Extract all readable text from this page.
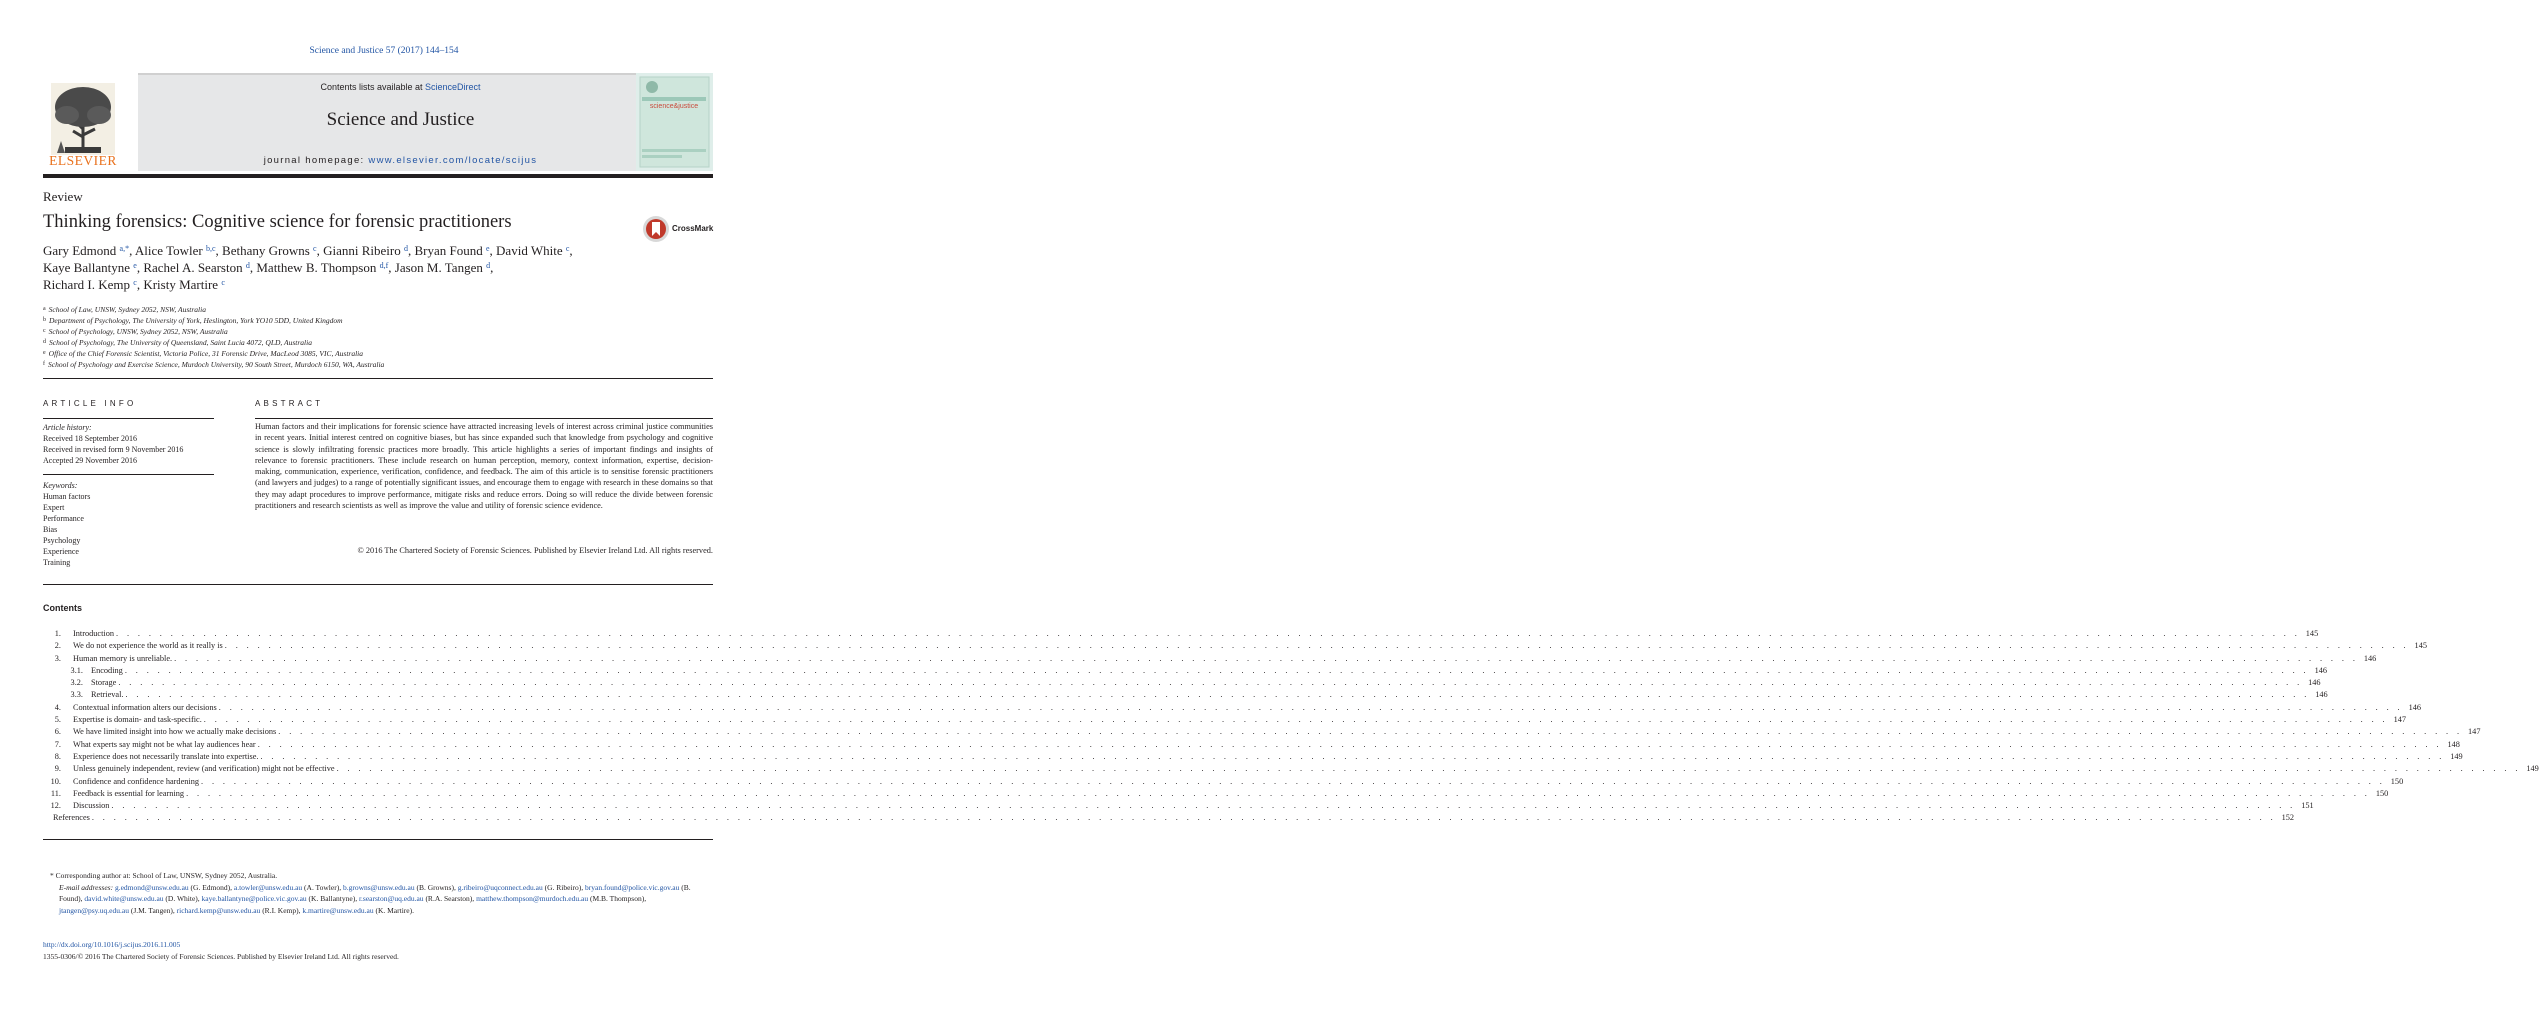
Science and Justice 57 (2017) 144–154
ELSEVIER
Contents lists available at ScienceDirect
Science and Justice
journal homepage: www.elsevier.com/locate/scijus
science&justice
Review
Thinking forensics: Cognitive science for forensic practitioners	CrossMark
Gary Edmond $^{a,*}$, Alice Towler $^{b,c}$, Bethany Growns $^c$, Gianni Ribeiro $^d$, Bryan Found $^e$, David White $^c$,
Kaye Ballantyne $^e$, Rachel A. Searston $^d$, Matthew B. Thompson $^{d,f}$, Jason M. Tangen $^d$,
Richard I. Kemp $^c$, Kristy Martire $^c$
$^a$ School of Law, UNSW, Sydney 2052, NSW, Australia
$^b$ Department of Psychology, The University of York, Heslington, York YO10 5DD, United Kingdom
$^c$ School of Psychology, UNSW, Sydney 2052, NSW, Australia
$^d$ School of Psychology, The University of Queensland, Saint Lucia 4072, QLD, Australia
$^e$ Office of the Chief Forensic Scientist, Victoria Police, 31 Forensic Drive, MacLeod 3085, VIC, Australia
$^f$ School of Psychology and Exercise Science, Murdoch University, 90 South Street, Murdoch 6150, WA, Australia
ARTICLE INFO	ABSTRACT
Article history:
Received 18 September 2016
Received in revised form 9 November 2016
Accepted 29 November 2016
Keywords:
Human factors
Expert
Performance
Bias
Psychology
Experience
Training
Human factors and their implications for forensic science have attracted increasing levels of interest across criminal justice communities in recent years. Initial interest centred on cognitive biases, but has since expanded such that knowledge from psychology and cognitive science is slowly infiltrating forensic practices more broadly. This article highlights a series of important findings and insights of relevance to forensic practitioners. These include research on human perception, memory, context information, expertise, decision-making, communication, experience, verification, confidence, and feedback. The aim of this article is to sensitise forensic practitioners (and lawyers and judges) to a range of potentially significant issues, and encourage them to engage with research in these domains so that they may adapt procedures to improve performance, mitigate risks and reduce errors. Doing so will reduce the divide between forensic practitioners and research scientists as well as improve the value and utility of forensic science evidence.
© 2016 The Chartered Society of Forensic Sciences. Published by Elsevier Ireland Ltd. All rights reserved.
Contents
1.	Introduction . . . . . . . . . . . . . . . . . . . . . . . . . . . . . . . . . . . . . . . . . . . . . . . . . . . . . . . . . . . . . . . . . . . . . . . . . . . . . . . . . . . . . . . . . . . . . . . . . . . . . . . . . . . . . . . . . . . . . . . . . . . . . . . . . . . . . . . . . . . . . . . . . . . . . . . . . . . . . . . . . . . . . . . . . . . . . . . . . . . . . . . . . . . . . . . . . . . . . . . . 145
2.	We do not experience the world as it really is . . . . . . . . . . . . . . . . . . . . . . . . . . . . . . . . . . . . . . . . . . . . . . . . . . . . . . . . . . . . . . . . . . . . . . . . . . . . . . . . . . . . . . . . . . . . . . . . . . . . . . . . . . . . . . . . . . . . . . . . . . . . . . . . . . . . . . . . . . . . . . . . . . . . . . . . . . . . . . . . . . . . . . . . . . . . . . . . . . . . . . . . . . . . . . . . . . . . . . . . 145
3.	Human memory is unreliable. . . . . . . . . . . . . . . . . . . . . . . . . . . . . . . . . . . . . . . . . . . . . . . . . . . . . . . . . . . . . . . . . . . . . . . . . . . . . . . . . . . . . . . . . . . . . . . . . . . . . . . . . . . . . . . . . . . . . . . . . . . . . . . . . . . . . . . . . . . . . . . . . . . . . . . . . . . . . . . . . . . . . . . . . . . . . . . . . . . . . . . . . . . . . . . . . . . . . . . . . 146
3.1. Encoding . . . . . . . . . . . . . . . . . . . . . . . . . . . . . . . . . . . . . . . . . . . . . . . . . . . . . . . . . . . . . . . . . . . . . . . . . . . . . . . . . . . . . . . . . . . . . . . . . . . . . . . . . . . . . . . . . . . . . . . . . . . . . . . . . . . . . . . . . . . . . . . . . . . . . . . . . . . . . . . . . . . . . . . . . . . . . . . . . . . . . . . . . . . . . . . . . . . . . . . . 146
3.2. Storage . . . . . . . . . . . . . . . . . . . . . . . . . . . . . . . . . . . . . . . . . . . . . . . . . . . . . . . . . . . . . . . . . . . . . . . . . . . . . . . . . . . . . . . . . . . . . . . . . . . . . . . . . . . . . . . . . . . . . . . . . . . . . . . . . . . . . . . . . . . . . . . . . . . . . . . . . . . . . . . . . . . . . . . . . . . . . . . . . . . . . . . . . . . . . . . . . . . . . . . . 146
3.3. Retrieval. . . . . . . . . . . . . . . . . . . . . . . . . . . . . . . . . . . . . . . . . . . . . . . . . . . . . . . . . . . . . . . . . . . . . . . . . . . . . . . . . . . . . . . . . . . . . . . . . . . . . . . . . . . . . . . . . . . . . . . . . . . . . . . . . . . . . . . . . . . . . . . . . . . . . . . . . . . . . . . . . . . . . . . . . . . . . . . . . . . . . . . . . . . . . . . . . . . . . . . . . 146
4.	Contextual information alters our decisions . . . . . . . . . . . . . . . . . . . . . . . . . . . . . . . . . . . . . . . . . . . . . . . . . . . . . . . . . . . . . . . . . . . . . . . . . . . . . . . . . . . . . . . . . . . . . . . . . . . . . . . . . . . . . . . . . . . . . . . . . . . . . . . . . . . . . . . . . . . . . . . . . . . . . . . . . . . . . . . . . . . . . . . . . . . . . . . . . . . . . . . . . . . . . . . . . . . . . . . . 146
5.	Expertise is domain- and task-specific. . . . . . . . . . . . . . . . . . . . . . . . . . . . . . . . . . . . . . . . . . . . . . . . . . . . . . . . . . . . . . . . . . . . . . . . . . . . . . . . . . . . . . . . . . . . . . . . . . . . . . . . . . . . . . . . . . . . . . . . . . . . . . . . . . . . . . . . . . . . . . . . . . . . . . . . . . . . . . . . . . . . . . . . . . . . . . . . . . . . . . . . . . . . . . . . . . . . . . . . . 147
6.	We have limited insight into how we actually make decisions . . . . . . . . . . . . . . . . . . . . . . . . . . . . . . . . . . . . . . . . . . . . . . . . . . . . . . . . . . . . . . . . . . . . . . . . . . . . . . . . . . . . . . . . . . . . . . . . . . . . . . . . . . . . . . . . . . . . . . . . . . . . . . . . . . . . . . . . . . . . . . . . . . . . . . . . . . . . . . . . . . . . . . . . . . . . . . . . . . . . . . . . . . . . . . . . . . . . . . . . 147
7.	What experts say might not be what lay audiences hear . . . . . . . . . . . . . . . . . . . . . . . . . . . . . . . . . . . . . . . . . . . . . . . . . . . . . . . . . . . . . . . . . . . . . . . . . . . . . . . . . . . . . . . . . . . . . . . . . . . . . . . . . . . . . . . . . . . . . . . . . . . . . . . . . . . . . . . . . . . . . . . . . . . . . . . . . . . . . . . . . . . . . . . . . . . . . . . . . . . . . . . . . . . . . . . . . . . . . . . . 148
8.	Experience does not necessarily translate into expertise. . . . . . . . . . . . . . . . . . . . . . . . . . . . . . . . . . . . . . . . . . . . . . . . . . . . . . . . . . . . . . . . . . . . . . . . . . . . . . . . . . . . . . . . . . . . . . . . . . . . . . . . . . . . . . . . . . . . . . . . . . . . . . . . . . . . . . . . . . . . . . . . . . . . . . . . . . . . . . . . . . . . . . . . . . . . . . . . . . . . . . . . . . . . . . . . . . . . . . . . . 149
9.	Unless genuinely independent, review (and verification) might not be effective . . . . . . . . . . . . . . . . . . . . . . . . . . . . . . . . . . . . . . . . . . . . . . . . . . . . . . . . . . . . . . . . . . . . . . . . . . . . . . . . . . . . . . . . . . . . . . . . . . . . . . . . . . . . . . . . . . . . . . . . . . . . . . . . . . . . . . . . . . . . . . . . . . . . . . . . . . . . . . . . . . . . . . . . . . . . . . . . . . . . . . . . . . . . . . . . . . . . . . . . 149
10.	Confidence and confidence hardening . . . . . . . . . . . . . . . . . . . . . . . . . . . . . . . . . . . . . . . . . . . . . . . . . . . . . . . . . . . . . . . . . . . . . . . . . . . . . . . . . . . . . . . . . . . . . . . . . . . . . . . . . . . . . . . . . . . . . . . . . . . . . . . . . . . . . . . . . . . . . . . . . . . . . . . . . . . . . . . . . . . . . . . . . . . . . . . . . . . . . . . . . . . . . . . . . . . . . . . . 150
11.	Feedback is essential for learning . . . . . . . . . . . . . . . . . . . . . . . . . . . . . . . . . . . . . . . . . . . . . . . . . . . . . . . . . . . . . . . . . . . . . . . . . . . . . . . . . . . . . . . . . . . . . . . . . . . . . . . . . . . . . . . . . . . . . . . . . . . . . . . . . . . . . . . . . . . . . . . . . . . . . . . . . . . . . . . . . . . . . . . . . . . . . . . . . . . . . . . . . . . . . . . . . . . . . . . . 150
12.	Discussion . . . . . . . . . . . . . . . . . . . . . . . . . . . . . . . . . . . . . . . . . . . . . . . . . . . . . . . . . . . . . . . . . . . . . . . . . . . . . . . . . . . . . . . . . . . . . . . . . . . . . . . . . . . . . . . . . . . . . . . . . . . . . . . . . . . . . . . . . . . . . . . . . . . . . . . . . . . . . . . . . . . . . . . . . . . . . . . . . . . . . . . . . . . . . . . . . . . . . . . . 151
References . . . . . . . . . . . . . . . . . . . . . . . . . . . . . . . . . . . . . . . . . . . . . . . . . . . . . . . . . . . . . . . . . . . . . . . . . . . . . . . . . . . . . . . . . . . . . . . . . . . . . . . . . . . . . . . . . . . . . . . . . . . . . . . . . . . . . . . . . . . . . . . . . . . . . . . . . . . . . . . . . . . . . . . . . . . . . . . . . . . . . . . . . . . . . . . . . . . . . . . . 152
* Corresponding author at: School of Law, UNSW, Sydney 2052, Australia.
E-mail addresses: g.edmond@unsw.edu.au (G. Edmond), a.towler@unsw.edu.au (A. Towler), b.growns@unsw.edu.au (B. Growns), g.ribeiro@uqconnect.edu.au (G. Ribeiro), bryan.found@police.vic.gov.au (B. Found), david.white@unsw.edu.au (D. White), kaye.ballantyne@police.vic.gov.au (K. Ballantyne), r.searston@uq.edu.au (R.A. Searston), matthew.thompson@murdoch.edu.au (M.B. Thompson), jtangen@psy.uq.edu.au (J.M. Tangen), richard.kemp@unsw.edu.au (R.I. Kemp), k.martire@unsw.edu.au (K. Martire).
http://dx.doi.org/10.1016/j.scijus.2016.11.005
1355-0306/© 2016 The Chartered Society of Forensic Sciences. Published by Elsevier Ireland Ltd. All rights reserved.
